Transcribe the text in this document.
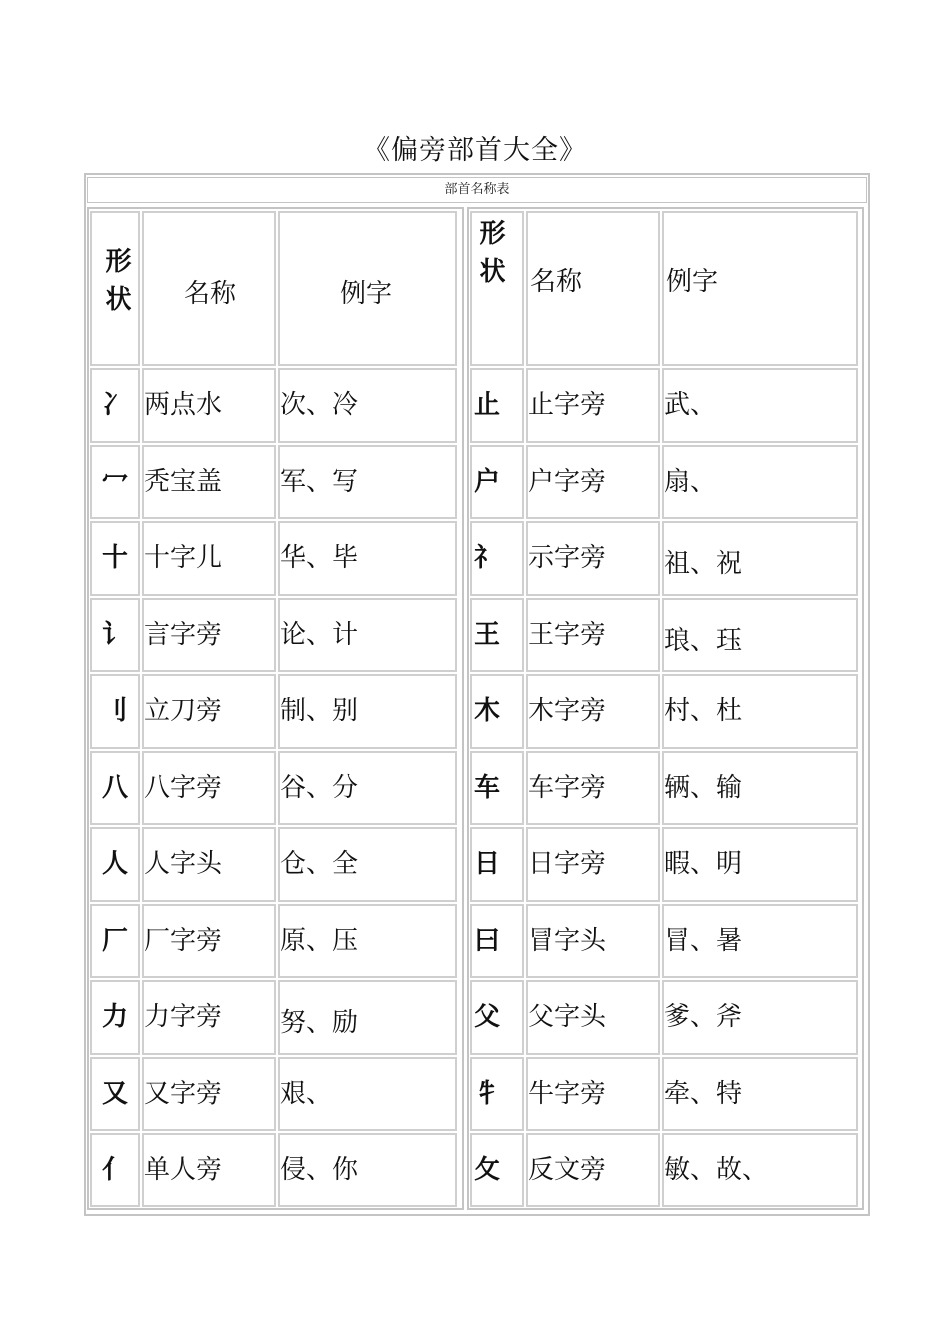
《偏旁部首大全》
部首名称表
形状 名称	例字
冫 两点水 次、冷
冖 秃宝盖 军、写
十 十字儿 华、毕
讠 言字旁 论、计
刂 立刀旁 制、别
八 八字旁 谷、分
人 人字头 仓、全
厂 厂字旁 原、压
力 力字旁 努、励
又 又字旁 艰、
亻 单人旁 侵、你
形状 名称	例字
止 止字旁 武、
户 户字旁 扇、
礻 示字旁 祖、祝
王 王字旁 琅、珏
木 木字旁 村、杜
车 车字旁 辆、输
日 日字旁 暇、明
曰 冒字头 冒、暑
父 父字头 爹、斧
牜 牛字旁 牵、特
攵 反文旁 敏、故、
